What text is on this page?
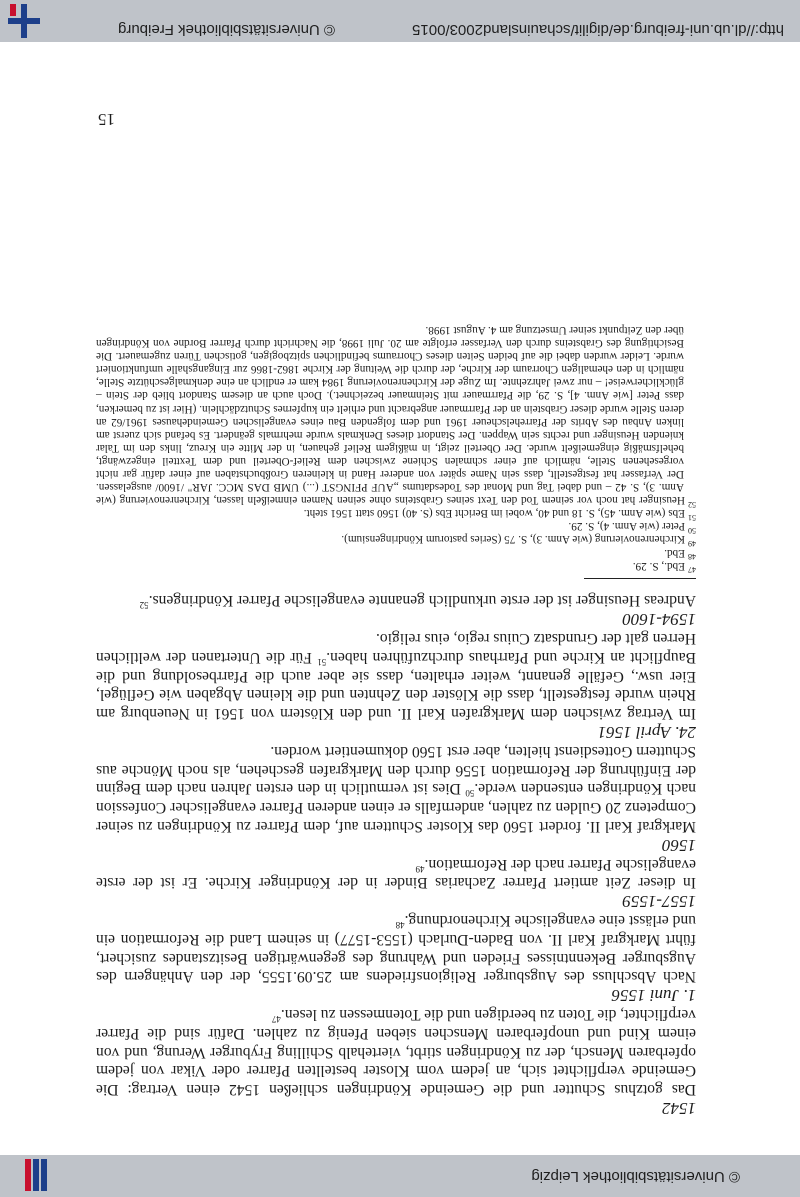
© Universitätsbibliothek Leipzig

1542

Das gotzhus Schutter und die Gemeinde Köndringen schließen 1542 einen Vertrag: Die Gemeinde verpflichtet sich, an jedem vom Kloster bestellten Pfarrer oder Vikar von jedem opferbaren Mensch, der zu Köndringen stirbt, viertehalb Schilling Fryburger Werung, und von einem Kind und unopferbaren Menschen sieben Pfenig zu zahlen. Dafür sind die Pfarrer verpflichtet, die Toten zu beerdigen und die Totenmessen zu lesen.$^{47}$

1. Juni 1556

Nach Abschluss des Augsburger Religionsfriedens am 25.09.1555, der den Anhängern des Augsburger Bekenntnisses Frieden und Wahrung des gegenwärtigen Besitzstandes zusichert, führt Markgraf Karl II. von Baden-Durlach (1553-1577) in seinem Land die Reformation ein und erlässt eine evangelische Kirchenordnung.$^{48}$

1557-1559

In dieser Zeit amtiert Pfarrer Zacharias Binder in der Köndringer Kirche. Er ist der erste evangelische Pfarrer nach der Reformation.$^{49}$

1560

Markgraf Karl II. fordert 1560 das Kloster Schuttern auf, dem Pfarrer zu Köndringen zu seiner Competenz 20 Gulden zu zahlen, andernfalls er einen anderen Pfarrer evangelischer Confession nach Köndringen entsenden werde.$^{50}$ Dies ist vermutlich in den ersten Jahren nach dem Beginn der Einführung der Reformation 1556 durch den Markgrafen geschehen, als noch Mönche aus Schuttern Gottesdienst hielten, aber erst 1560 dokumentiert worden.

24. April 1561

Im Vertrag zwischen dem Markgrafen Karl II. und den Klöstern von 1561 in Neuenburg am Rhein wurde festgestellt, dass die Klöster den Zehnten und die kleinen Abgaben wie Geflügel, Eier usw., Gefälle genannt, weiter erhalten, dass sie aber auch die Pfarrbesoldung und die Baupflicht an Kirche und Pfarrhaus durchzuführen haben.$^{51}$ Für die Untertanen der weltlichen Herren galt der Grundsatz Cuius regio, eius religio.

1594-1600

Andreas Heusinger ist der erste urkundlich genannte evangelische Pfarrer Köndringens.$^{52}$

$^{47}$Ebd., S. 29.

$^{48}$Ebd.

$^{49}$Kirchenrenovierung (wie Anm. 3), S. 75 (Series pastorum Köndringensium).

$^{50}$Peter (wie Anm. 4), S. 29.

$^{51}$Ebs (wie Anm. 45), S. 18 und 40, wobei im Bericht Ebs (S. 40) 1560 statt 1561 steht.

$^{52}$Heusinger hat noch vor seinem Tod den Text seines Grabsteins ohne seinen Namen einmeißeln lassen, Kirchenrenovierung (wie Anm. 3), S. 42 – und dabei Tag und Monat des Todesdatums „AUF PFINGST (...) UMB DAS MCC. JAR" /1600/ ausgelassen. Der Verfasser hat festgestellt, dass sein Name später von anderer Hand in kleineren Großbuchstaben auf einer dafür gar nicht vorgesehenen Stelle, nämlich auf einer schmalen Schiene zwischen dem Relief-Oberteil und dem Textteil eingezwängt, behelfsmäßig eingemeißelt wurde. Der Oberteil zeigt, in mäßigem Relief gehauen, in der Mitte ein Kreuz, links den im Talar knienden Heusinger und rechts sein Wappen. Der Standort dieses Denkmals wurde mehrmals geändert. Es befand sich zuerst am linken Anbau des Abrits der Pfarrehelscheuer 1961 und dem folgenden Bau eines evangelischen Gemeindehauses 1961/62 an deren Stelle wurde dieser Grabstein an der Pfarrmauer angebracht und erhielt ein kupfernes Schutzdächlein. (Hier ist zu bemerken, dass Peter [wie Anm. 4], S. 29, die Pfarrmauer mit Steinmauer bezeichnet.). Doch auch an diesem Standort blieb der Stein – glücklicherweise! – nur zwei Jahrzehnte. Im Zuge der Kirchenrenovierung 1984 kam er endlich an eine denkmalgeschützte Stelle, nämlich in den ehemaligen Chorraum der Kirche, der durch die Weitung der Kirche 1862-1866 zur Eingangshalle umfunktioniert wurde. Leider wurden dabei die auf beiden Seiten dieses Chorraums befindlichen spitzbogigen, gotischen Türen zugemauert. Die Besichtigung des Grabsteins durch den Verfasser erfolgte am 20. Juli 1998, die Nachricht durch Pfarrer Bordne von Köndringen über den Zeitpunkt seiner Umsetzung am 4. August 1998.

15
http://dl.ub.uni-freiburg.de/digilit/schauinsland2003/0015
© Universitätsbibliothek Freiburg
